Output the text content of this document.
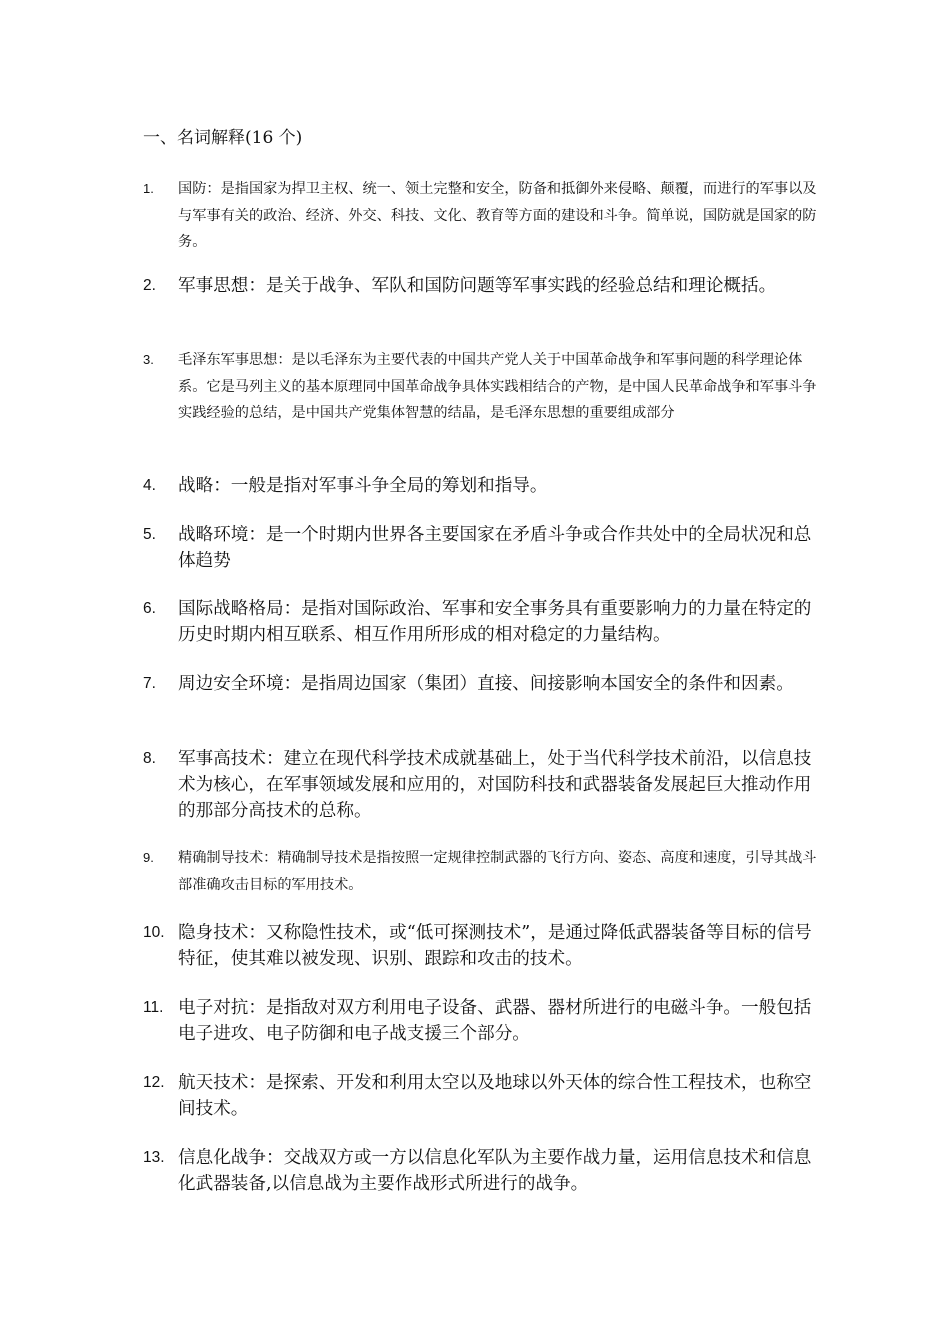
一、名词解释(16 个)
1. 国防：是指国家为捍卫主权、统一、领土完整和安全，防备和抵御外来侵略、颠覆，而进行的军事以及与军事有关的政治、经济、外交、科技、文化、教育等方面的建设和斗争。简单说，国防就是国家的防务。
2. 军事思想：是关于战争、军队和国防问题等军事实践的经验总结和理论概括。
3. 毛泽东军事思想：是以毛泽东为主要代表的中国共产党人关于中国革命战争和军事问题的科学理论体系。它是马列主义的基本原理同中国革命战争具体实践相结合的产物，是中国人民革命战争和军事斗争实践经验的总结，是中国共产党集体智慧的结晶，是毛泽东思想的重要组成部分
4. 战略：一般是指对军事斗争全局的筹划和指导。
5. 战略环境：是一个时期内世界各主要国家在矛盾斗争或合作共处中的全局状况和总体趋势
6. 国际战略格局：是指对国际政治、军事和安全事务具有重要影响力的力量在特定的历史时期内相互联系、相互作用所形成的相对稳定的力量结构。
7. 周边安全环境：是指周边国家（集团）直接、间接影响本国安全的条件和因素。
8. 军事高技术：建立在现代科学技术成就基础上，处于当代科学技术前沿，以信息技术为核心，在军事领域发展和应用的，对国防科技和武器装备发展起巨大推动作用的那部分高技术的总称。
9. 精确制导技术：精确制导技术是指按照一定规律控制武器的飞行方向、姿态、高度和速度，引导其战斗部准确攻击目标的军用技术。
10. 隐身技术：又称隐性技术，或“低可探测技术”，是通过降低武器装备等目标的信号特征，使其难以被发现、识别、跟踪和攻击的技术。
11. 电子对抗：是指敌对双方利用电子设备、武器、器材所进行的电磁斗争。一般包括电子进攻、电子防御和电子战支援三个部分。
12. 航天技术：是探索、开发和利用太空以及地球以外天体的综合性工程技术，也称空间技术。
13. 信息化战争：交战双方或一方以信息化军队为主要作战力量，运用信息技术和信息化武器装备,以信息战为主要作战形式所进行的战争。
